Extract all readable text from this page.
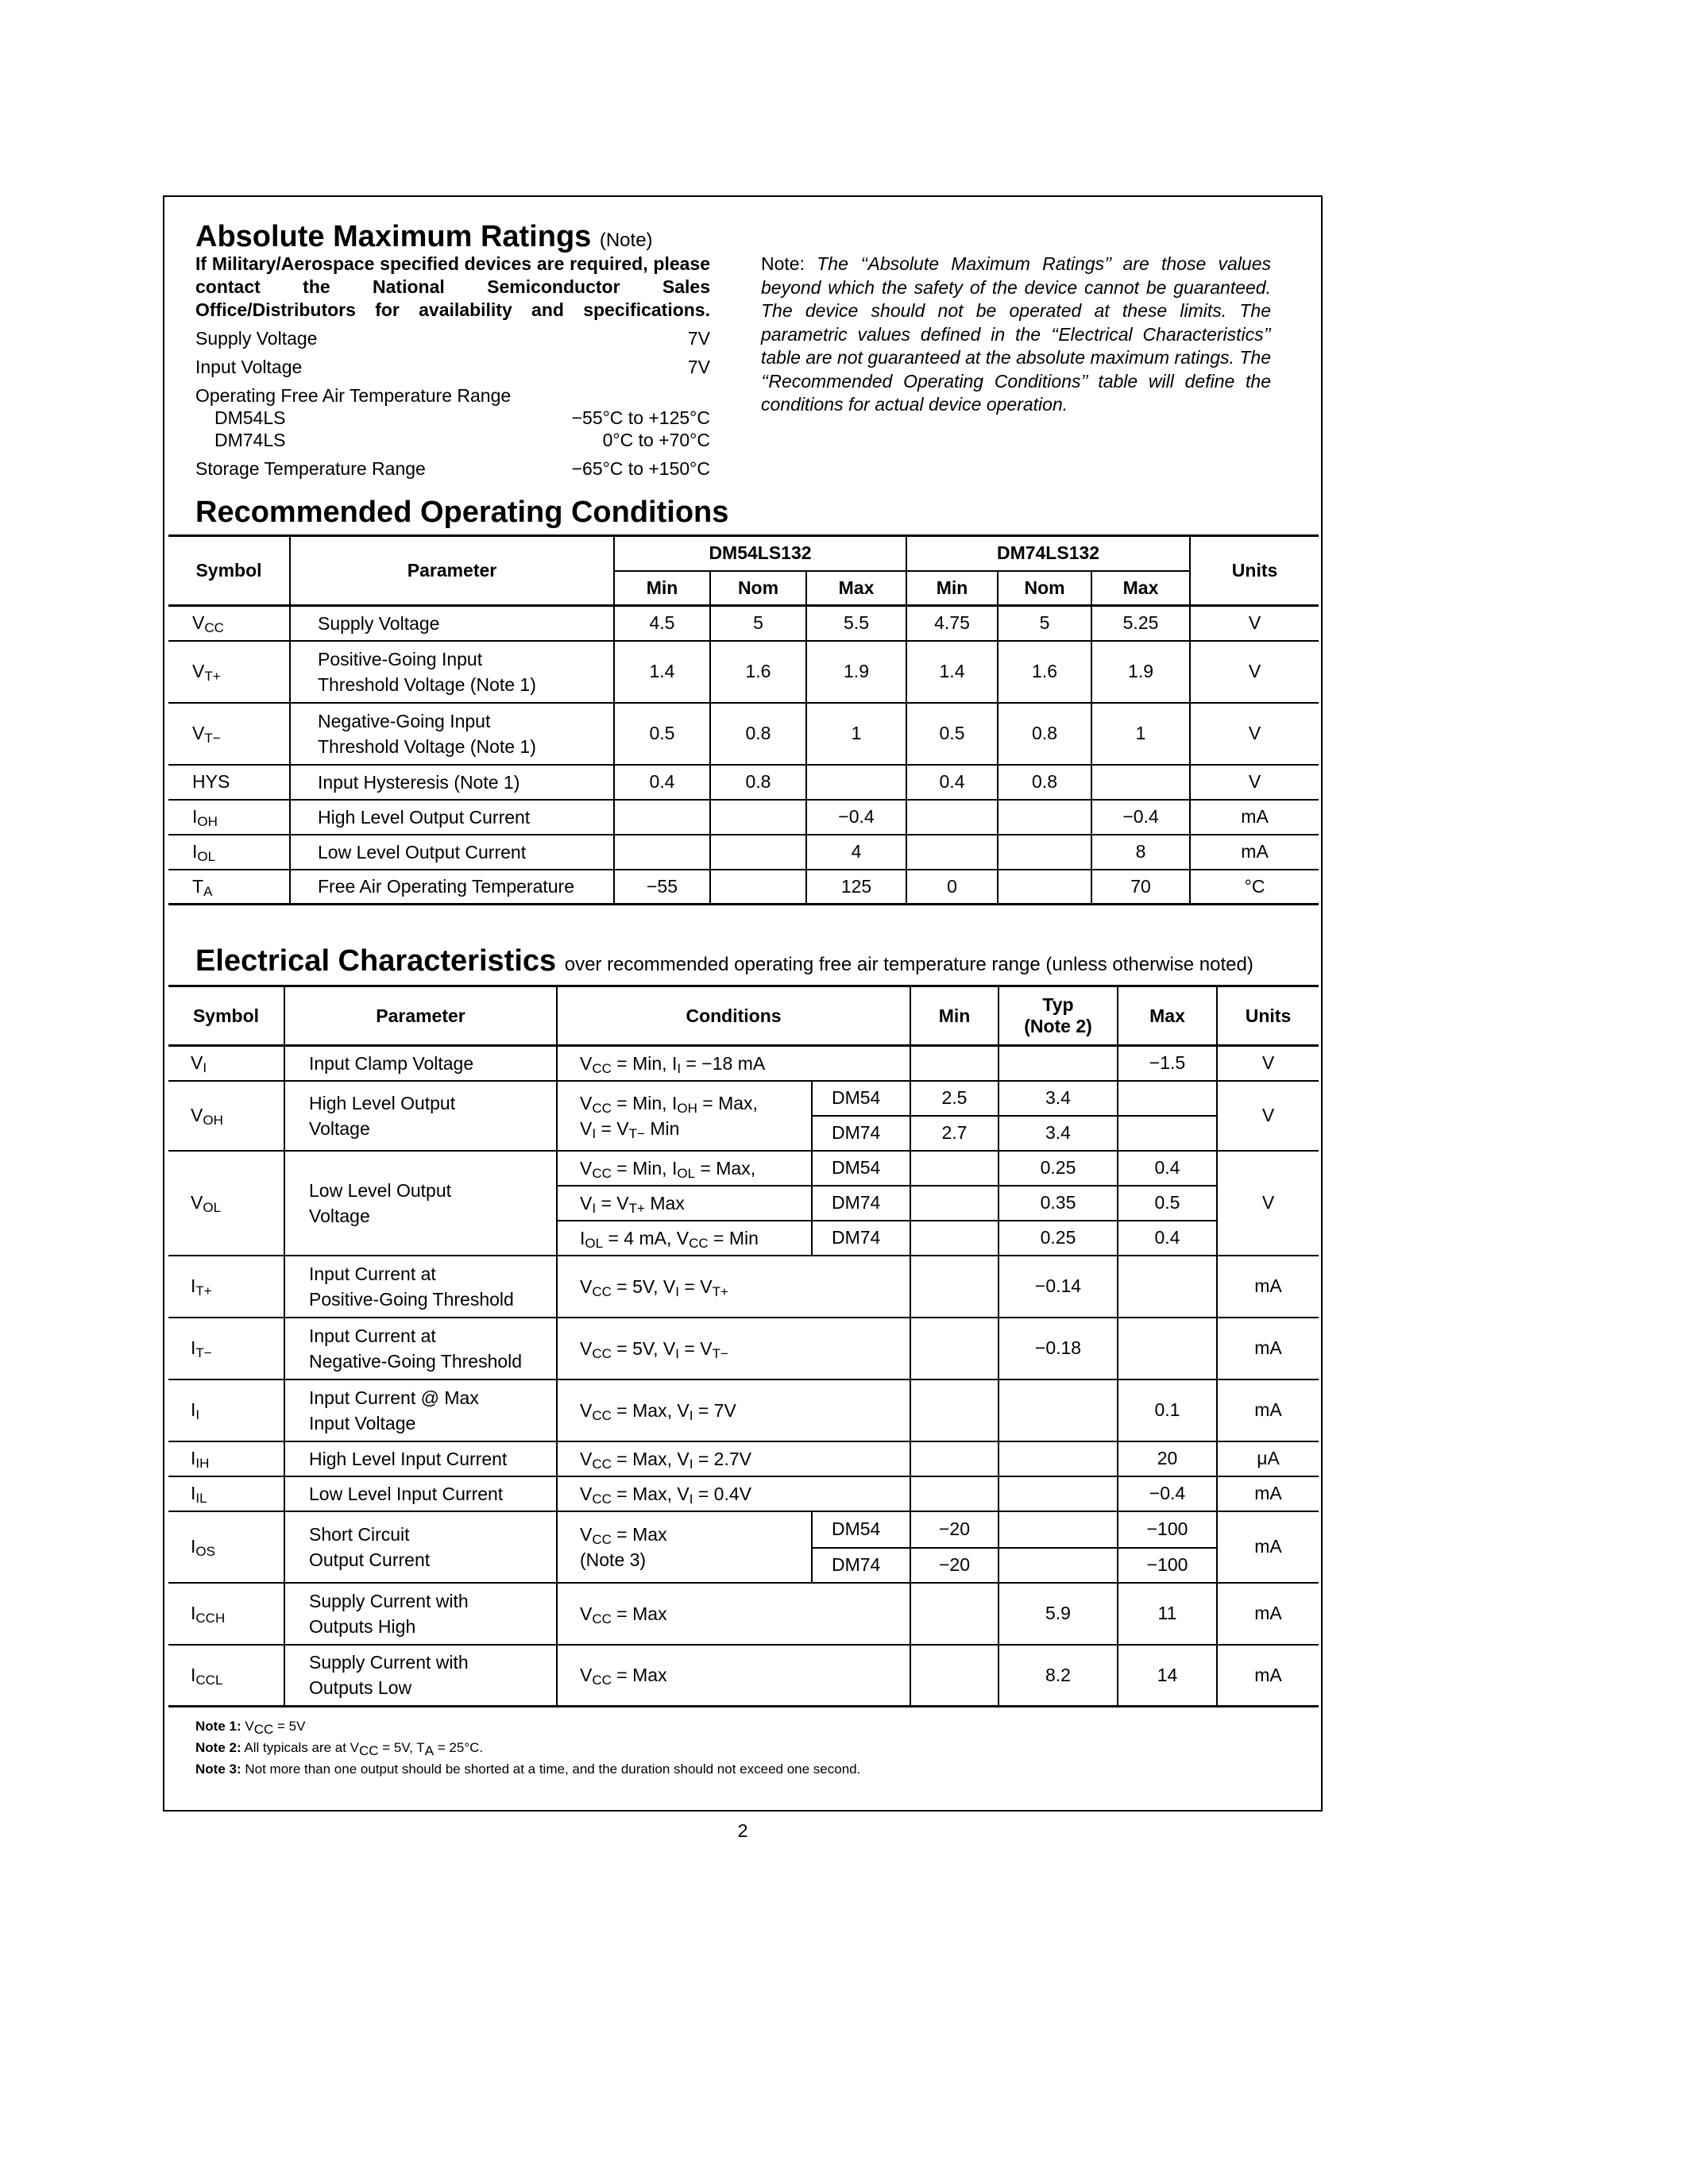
Absolute Maximum Ratings (Note)
If Military/Aerospace specified devices are required, please contact the National Semiconductor Sales Office/Distributors for availability and specifications.
Supply Voltage	7V
Input Voltage	7V
Operating Free Air Temperature Range
DM54LS	−55°C to +125°C
DM74LS	0°C to +70°C
Storage Temperature Range	−65°C to +150°C
Note: The ‘‘Absolute Maximum Ratings’’ are those values beyond which the safety of the device cannot be guaranteed. The device should not be operated at these limits. The parametric values defined in the ‘‘Electrical Characteristics’’ table are not guaranteed at the absolute maximum ratings. The ‘‘Recommended Operating Conditions’’ table will define the conditions for actual device operation.
Recommended Operating Conditions
Symbol	Parameter	DM54LS132			DM74LS132			Units
		Min	Nom	Max	Min	Nom	Max	
$V_{CC}$	Supply Voltage	4.5	5	5.5	4.75	5	5.25	V
$V_{T+}$	Positive-Going Input
Threshold Voltage (Note 1)	1.4	1.6	1.9	1.4	1.6	1.9	V
$V_{T-}$	Negative-Going Input
Threshold Voltage (Note 1)	0.5	0.8	1	0.5	0.8	1	V
HYS	Input Hysteresis (Note 1)	0.4	0.8		0.4	0.8		V
$I_{OH}$	High Level Output Current			−0.4			−0.4	mA
$I_{OL}$	Low Level Output Current			4			8	mA
$T_A$	Free Air Operating Temperature	−55		125	0		70	°C
Electrical Characteristics over recommended operating free air temperature range (unless otherwise noted)
Symbol	Parameter	Conditions		Min	Typ
(Note 2)	Max	Units
$V_I$	Input Clamp Voltage	$V_{CC}$ = Min, $I_I = -18$ mA				−1.5	V
$V_{OH}$	High Level Output
Voltage	$V_{CC}$ = Min, $I_{OH}$ = Max,
$V_I = V_{T-}$ Min	DM54	2.5	3.4		V
			DM74	2.7	3.4		
$V_{OL}$	Low Level Output
Voltage	$V_{CC}$ = Min, $I_{OL}$ = Max,	DM54		0.25	0.4	V
		$V_I = V_{T+}$ Max	DM74		0.35	0.5	
		$I_{OL} = 4$ mA, $V_{CC}$ = Min	DM74		0.25	0.4	
$I_{T+}$	Input Current at
Positive-Going Threshold	$V_{CC} = 5V$, $V_I = V_{T+}$			−0.14		mA
$I_{T-}$	Input Current at
Negative-Going Threshold	$V_{CC} = 5V$, $V_I = V_{T-}$			−0.18		mA
$I_I$	Input Current @ Max
Input Voltage	$V_{CC}$ = Max, $V_I = 7V$				0.1	mA
$I_{IH}$	High Level Input Current	$V_{CC}$ = Max, $V_I = 2.7V$				20	μA
$I_{IL}$	Low Level Input Current	$V_{CC}$ = Max, $V_I = 0.4V$				−0.4	mA
$I_{OS}$	Short Circuit
Output Current	$V_{CC}$ = Max
(Note 3)	DM54	−20		−100	mA
			DM74	−20		−100	
$I_{CCH}$	Supply Current with
Outputs High	$V_{CC}$ = Max			5.9	11	mA
$I_{CCL}$	Supply Current with
Outputs Low	$V_{CC}$ = Max			8.2	14	mA
Note 1: $V_{CC} = 5V$
Note 2: All typicals are at $V_{CC} = 5V$, $T_A = 25^\circ C$.
Note 3: Not more than one output should be shorted at a time, and the duration should not exceed one second.
2
